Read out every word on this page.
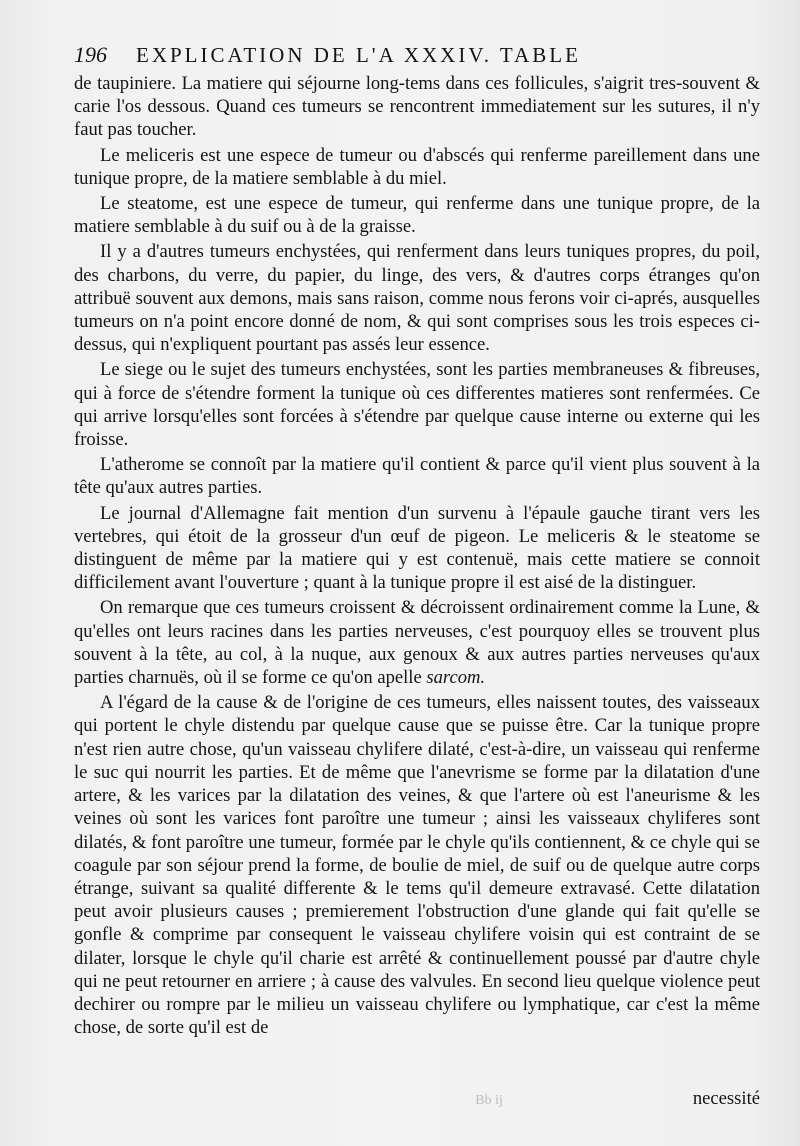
196	EXPLICATION DE L'A XXXIV. TABLE

de taupiniere. La matiere qui séjourne long-tems dans ces follicules, s'aigrit tres-souvent & carie l'os dessous. Quand ces tumeurs se rencontrent immediatement sur les sutures, il n'y faut pas toucher.

Le meliceris est une espece de tumeur ou d'abscés qui renferme pareillement dans une tunique propre, de la matiere semblable à du miel.

Le steatome, est une espece de tumeur, qui renferme dans une tunique propre, de la matiere semblable à du suif ou à de la graisse.

Il y a d'autres tumeurs enchystées, qui renferment dans leurs tuniques propres, du poil, des charbons, du verre, du papier, du linge, des vers, & d'autres corps étranges qu'on attribuë souvent aux demons, mais sans raison, comme nous ferons voir ci-aprés, ausquelles tumeurs on n'a point encore donné de nom, & qui sont comprises sous les trois especes ci-dessus, qui n'expliquent pourtant pas assés leur essence.

Le siege ou le sujet des tumeurs enchystées, sont les parties membraneuses & fibreuses, qui à force de s'étendre forment la tunique où ces differentes matieres sont renfermées. Ce qui arrive lorsqu'elles sont forcées à s'étendre par quelque cause interne ou externe qui les froisse.

L'atherome se connoît par la matiere qu'il contient & parce qu'il vient plus souvent à la tête qu'aux autres parties.

Le journal d'Allemagne fait mention d'un survenu à l'épaule gauche tirant vers les vertebres, qui étoit de la grosseur d'un œuf de pigeon. Le meliceris & le steatome se distinguent de même par la matiere qui y est contenuë, mais cette matiere se connoit difficilement avant l'ouverture ; quant à la tunique propre il est aisé de la distinguer.

On remarque que ces tumeurs croissent & décroissent ordinairement comme la Lune, & qu'elles ont leurs racines dans les parties nerveuses, c'est pourquoy elles se trouvent plus souvent à la tête, au col, à la nuque, aux genoux & aux autres parties nerveuses qu'aux parties charnuës, où il se forme ce qu'on apelle sarcom.

A l'égard de la cause & de l'origine de ces tumeurs, elles naissent toutes, des vaisseaux qui portent le chyle distendu par quelque cause que se puisse être. Car la tunique propre n'est rien autre chose, qu'un vaisseau chylifere dilaté, c'est-à-dire, un vaisseau qui renferme le suc qui nourrit les parties. Et de même que l'anevrisme se forme par la dilatation d'une artere, & les varices par la dilatation des veines, & que l'artere où est l'aneurisme & les veines où sont les varices font paroître une tumeur ; ainsi les vaisseaux chyliferes sont dilatés, & font paroître une tumeur, formée par le chyle qu'ils contiennent, & ce chyle qui se coagule par son séjour prend la forme, de boulie de miel, de suif ou de quelque autre corps étrange, suivant sa qualité differente & le tems qu'il demeure extravasé. Cette dilatation peut avoir plusieurs causes ; premierement l'obstruction d'une glande qui fait qu'elle se gonfle & comprime par consequent le vaisseau chylifere voisin qui est contraint de se dilater, lorsque le chyle qu'il charie est arrêté & continuellement poussé par d'autre chyle qui ne peut retourner en arriere ; à cause des valvules. En second lieu quelque violence peut dechirer ou rompre par le milieu un vaisseau chylifere ou lymphatique, car c'est la même chose, de sorte qu'il est de

Bb ij	necessité
